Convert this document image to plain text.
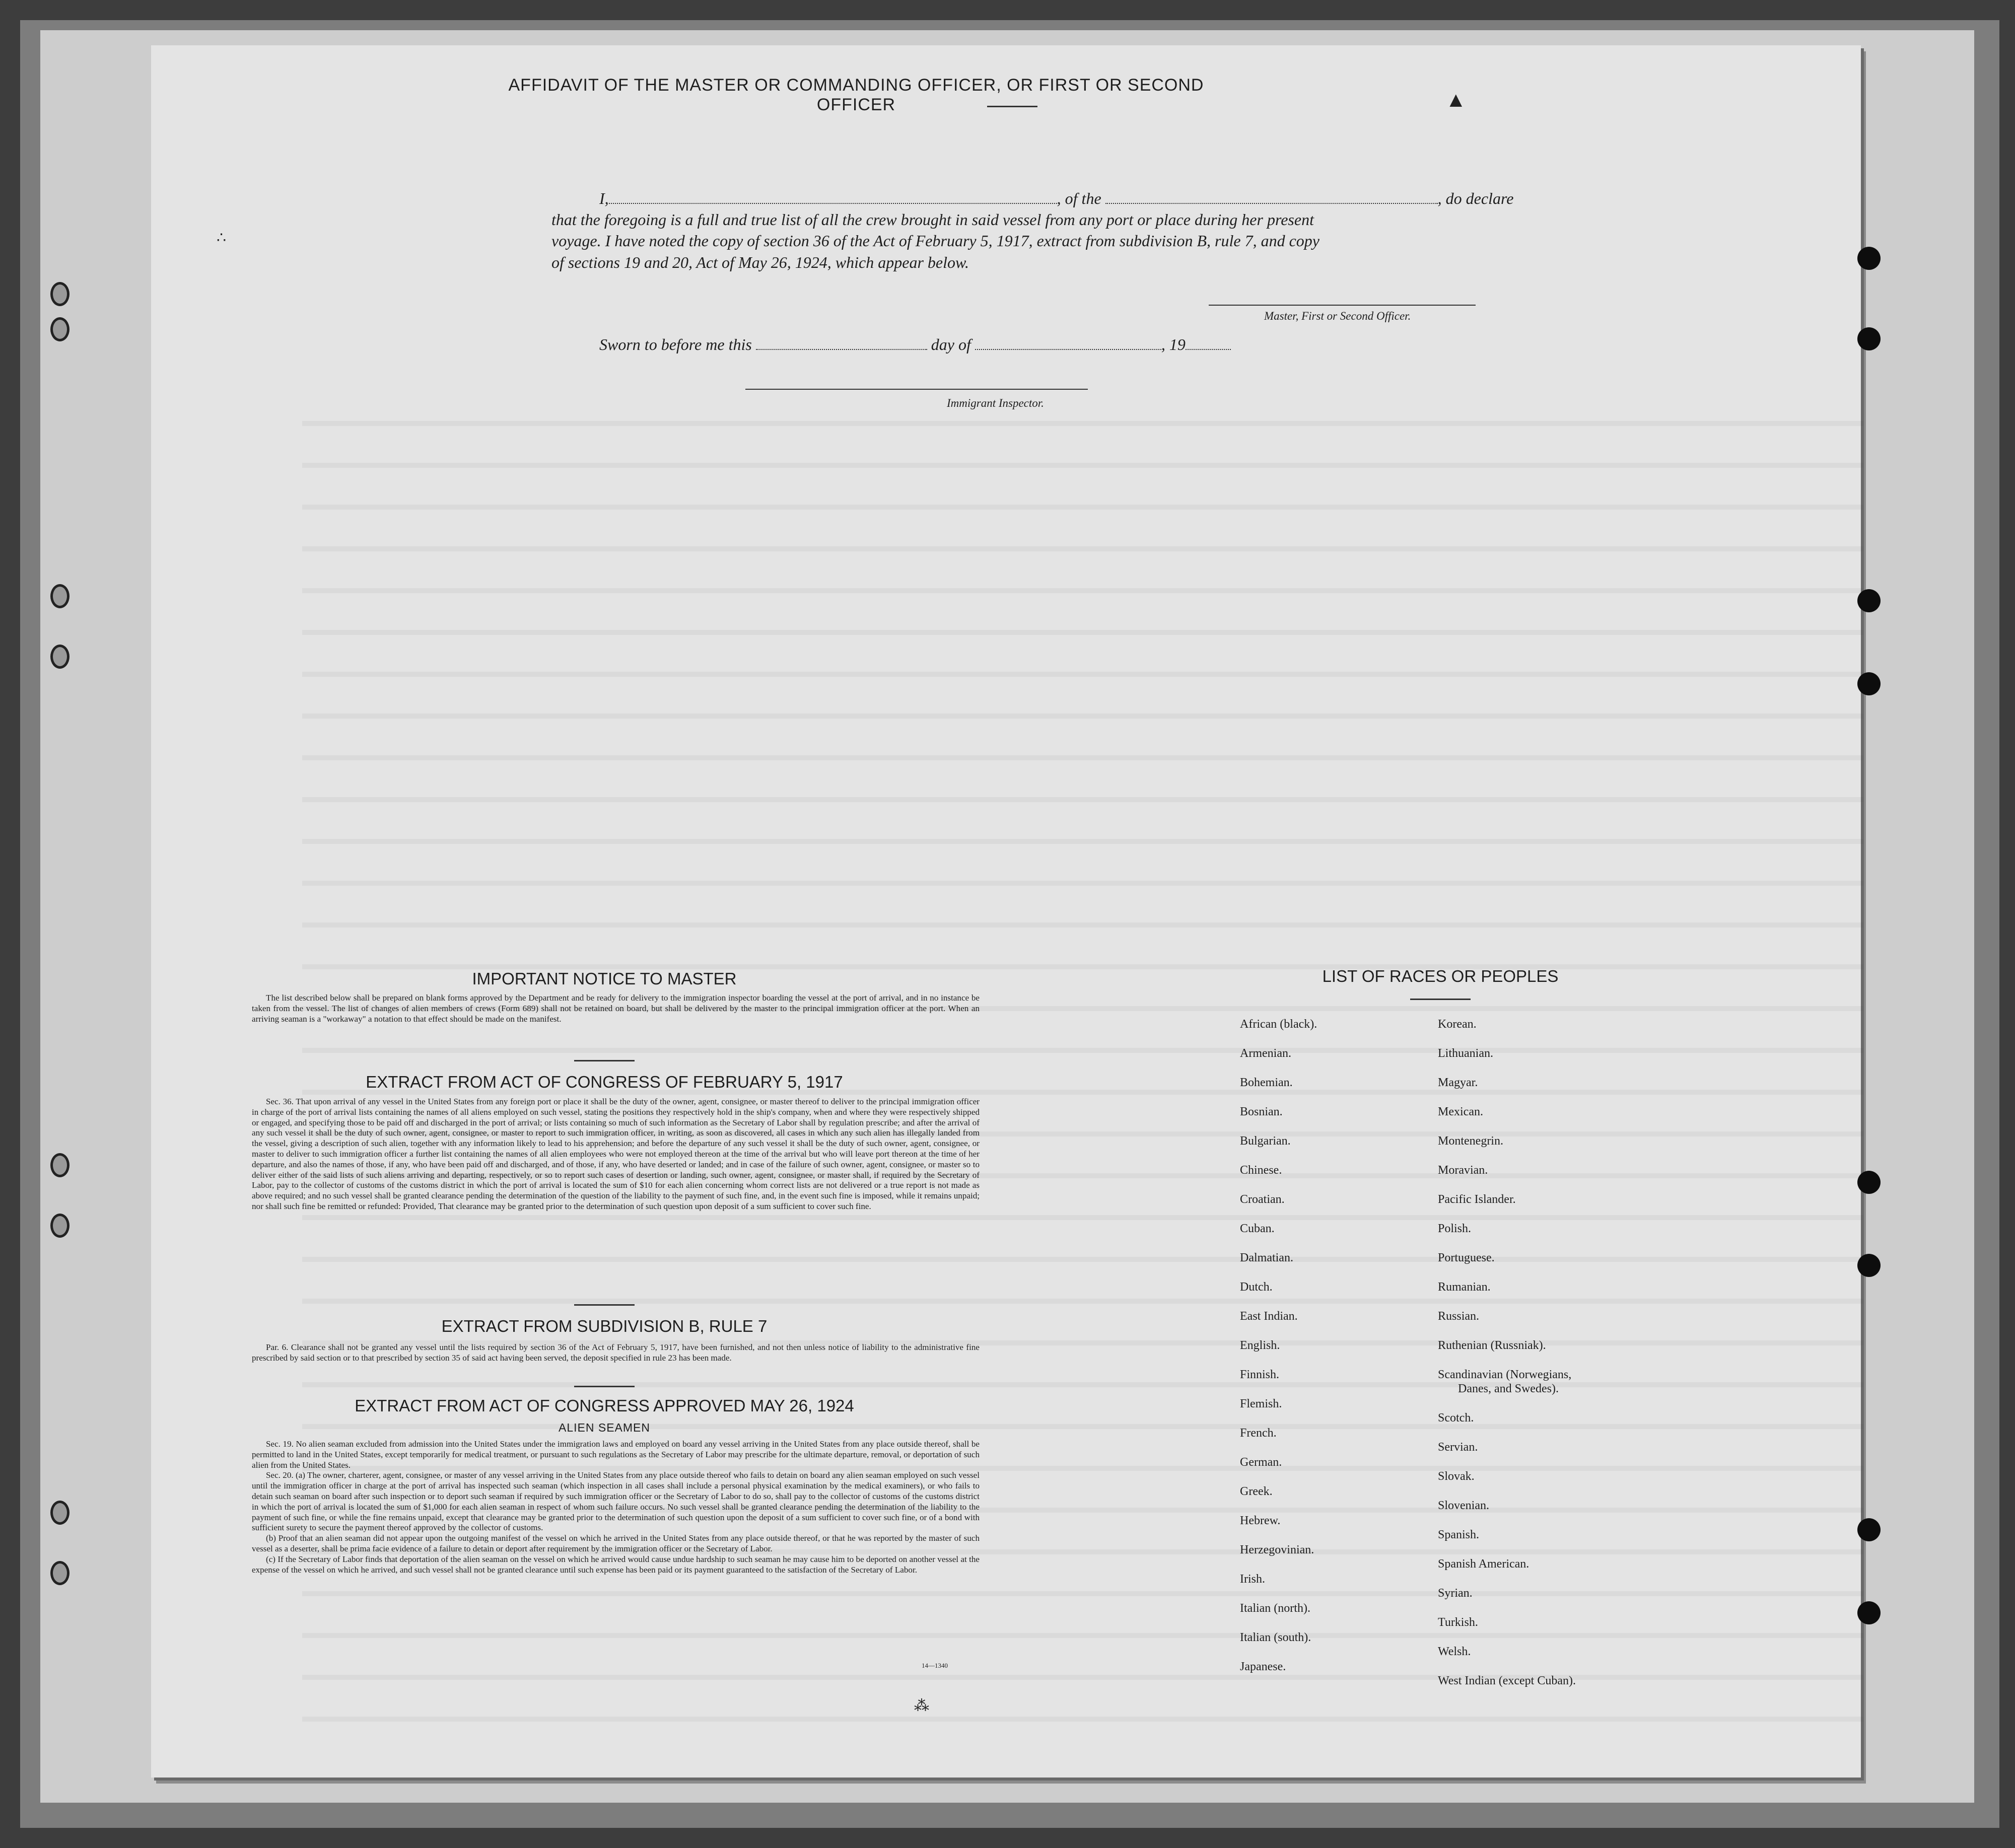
AFFIDAVIT OF THE MASTER OR COMMANDING OFFICER, OR FIRST OR SECOND OFFICER
I,	, of the	, do declare
that the foregoing is a full and true list of all the crew brought in said vessel from any port or place during her present
voyage. I have noted the copy of section 36 of the Act of February 5, 1917, extract from subdivision B, rule 7, and copy
of sections 19 and 20, Act of May 26, 1924, which appear below.
Master, First or Second Officer.
Sworn to before me this	day of	, 19
Immigrant Inspector.
IMPORTANT NOTICE TO MASTER
The list described below shall be prepared on blank forms approved by the Department and be ready for delivery to the immigration inspector boarding the vessel at the port of arrival, and in no instance be taken from the vessel. The list of changes of alien members of crews (Form 689) shall not be retained on board, but shall be delivered by the master to the principal immigration officer at the port. When an arriving seaman is a "workaway" a notation to that effect should be made on the manifest.
EXTRACT FROM ACT OF CONGRESS OF FEBRUARY 5, 1917
Sec. 36. That upon arrival of any vessel in the United States from any foreign port or place it shall be the duty of the owner, agent, consignee, or master thereof to deliver to the principal immigration officer in charge of the port of arrival lists containing the names of all aliens employed on such vessel, stating the positions they respectively hold in the ship's company, when and where they were respectively shipped or engaged, and specifying those to be paid off and discharged in the port of arrival; or lists containing so much of such information as the Secretary of Labor shall by regulation prescribe; and after the arrival of any such vessel it shall be the duty of such owner, agent, consignee, or master to report to such immigration officer, in writing, as soon as discovered, all cases in which any such alien has illegally landed from the vessel, giving a description of such alien, together with any information likely to lead to his apprehension; and before the departure of any such vessel it shall be the duty of such owner, agent, consignee, or master to deliver to such immigration officer a further list containing the names of all alien employees who were not employed thereon at the time of the arrival but who will leave port thereon at the time of her departure, and also the names of those, if any, who have been paid off and discharged, and of those, if any, who have deserted or landed; and in case of the failure of such owner, agent, consignee, or master so to deliver either of the said lists of such aliens arriving and departing, respectively, or so to report such cases of desertion or landing, such owner, agent, consignee, or master shall, if required by the Secretary of Labor, pay to the collector of customs of the customs district in which the port of arrival is located the sum of $10 for each alien concerning whom correct lists are not delivered or a true report is not made as above required; and no such vessel shall be granted clearance pending the determination of the question of the liability to the payment of such fine, and, in the event such fine is imposed, while it remains unpaid; nor shall such fine be remitted or refunded: Provided, That clearance may be granted prior to the determination of such question upon deposit of a sum sufficient to cover such fine.
EXTRACT FROM SUBDIVISION B, RULE 7
Par. 6. Clearance shall not be granted any vessel until the lists required by section 36 of the Act of February 5, 1917, have been furnished, and not then unless notice of liability to the administrative fine prescribed by said section or to that prescribed by section 35 of said act having been served, the deposit specified in rule 23 has been made.
EXTRACT FROM ACT OF CONGRESS APPROVED MAY 26, 1924
ALIEN SEAMEN

Sec. 19. No alien seaman excluded from admission into the United States under the immigration laws and employed on board any vessel arriving in the United States from any place outside thereof, shall be permitted to land in the United States, except temporarily for medical treatment, or pursuant to such regulations as the Secretary of Labor may prescribe for the ultimate departure, removal, or deportation of such alien from the United States.

Sec. 20. (a) The owner, charterer, agent, consignee, or master of any vessel arriving in the United States from any place outside thereof who fails to detain on board any alien seaman employed on such vessel until the immigration officer in charge at the port of arrival has inspected such seaman (which inspection in all cases shall include a personal physical examination by the medical examiners), or who fails to detain such seaman on board after such inspection or to deport such seaman if required by such immigration officer or the Secretary of Labor to do so, shall pay to the collector of customs of the customs district in which the port of arrival is located the sum of $1,000 for each alien seaman in respect of whom such failure occurs. No such vessel shall be granted clearance pending the determination of the liability to the payment of such fine, or while the fine remains unpaid, except that clearance may be granted prior to the determination of such question upon the deposit of a sum sufficient to cover such fine, or of a bond with sufficient surety to secure the payment thereof approved by the collector of customs.

(b) Proof that an alien seaman did not appear upon the outgoing manifest of the vessel on which he arrived in the United States from any place outside thereof, or that he was reported by the master of such vessel as a deserter, shall be prima facie evidence of a failure to detain or deport after requirement by the immigration officer or the Secretary of Labor.

(c) If the Secretary of Labor finds that deportation of the alien seaman on the vessel on which he arrived would cause undue hardship to such seaman he may cause him to be deported on another vessel at the expense of the vessel on which he arrived, and such vessel shall not be granted clearance until such expense has been paid or its payment guaranteed to the satisfaction of the Secretary of Labor.

14—1340
LIST OF RACES OR PEOPLES
African (black).
Armenian.
Bohemian.
Bosnian.
Bulgarian.
Chinese.
Croatian.
Cuban.
Dalmatian.
Dutch.
East Indian.
English.
Finnish.
Flemish.
French.
German.
Greek.
Hebrew.
Herzegovinian.
Irish.
Italian (north).
Italian (south).
Japanese.
Korean.
Lithuanian.
Magyar.
Mexican.
Montenegrin.
Moravian.
Pacific Islander.
Polish.
Portuguese.
Rumanian.
Russian.
Ruthenian (Russniak).
Scandinavian (Norwegians,
Danes, and Swedes).
Scotch.
Servian.
Slovak.
Slovenian.
Spanish.
Spanish American.
Syrian.
Turkish.
Welsh.
West Indian (except Cuban).
▲
∴
⁂
